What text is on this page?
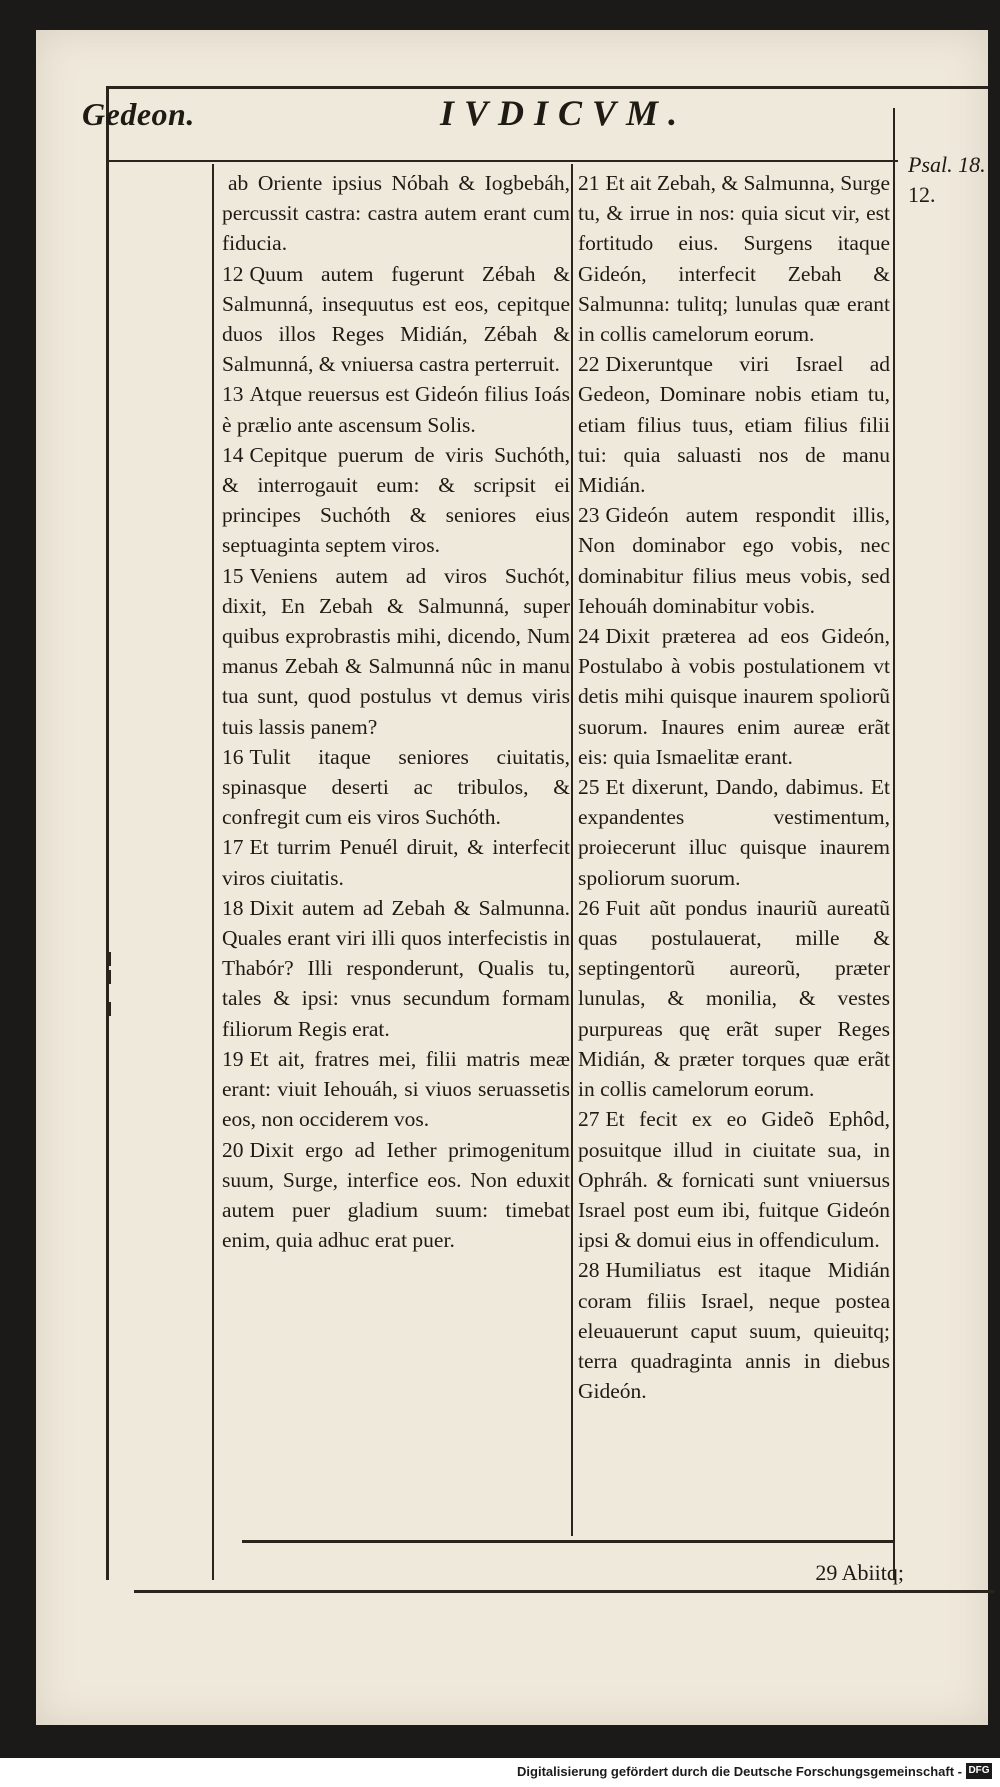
Gedeon.	IVDICVM.
Psal. 18.
12.

ab Oriente ipsius Nóbah & Iogbebáh, percussit castra: castra autem erant cum fiducia.

12 Quum autem fugerunt Zébah & Salmunná, insequutus est eos, cepitque duos illos Reges Midián, Zébah & Salmunná, & vniuersa castra perterruit.

13 Atque reuersus est Gideón filius Ioás è prælio ante ascensum Solis.

14 Cepitque puerum de viris Suchóth, & interrogauit eum: & scripsit ei principes Suchóth & seniores eius septuaginta septem viros.

15 Veniens autem ad viros Suchót, dixit, En Zebah & Salmunná, super quibus exprobrastis mihi, dicendo, Num manus Zebah & Salmunná nûc in manu tua sunt, quod postulus vt demus viris tuis lassis panem?

16 Tulit itaque seniores ciuitatis, spinasque deserti ac tribulos, & confregit cum eis viros Suchóth.

17 Et turrim Penuél diruit, & interfecit viros ciuitatis.

18 Dixit autem ad Zebah & Salmunna. Quales erant viri illi quos interfecistis in Thabór? Illi responderunt, Qualis tu, tales & ipsi: vnus secundum formam filiorum Regis erat.

19 Et ait, fratres mei, filii matris meæ erant: viuit Iehouáh, si viuos seruassetis eos, non occiderem vos.

20 Dixit ergo ad Iether primogenitum suum, Surge, interfice eos. Non eduxit autem puer gladium suum: timebat enim, quia adhuc erat puer.

21 Et ait Zebah, & Salmunna, Surge tu, & irrue in nos: quia sicut vir, est fortitudo eius. Surgens itaque Gideón, interfecit Zebah & Salmunna: tulitq; lunulas quæ erant in collis camelorum eorum.

22 Dixeruntque viri Israel ad Gedeon, Dominare nobis etiam tu, etiam filius tuus, etiam filius filii tui: quia saluasti nos de manu Midián.

23 Gideón autem respondit illis, Non dominabor ego vobis, nec dominabitur filius meus vobis, sed Iehouáh dominabitur vobis.

24 Dixit præterea ad eos Gideón, Postulabo à vobis postulationem vt detis mihi quisque inaurem spoliorũ suorum. Inaures enim aureæ erãt eis: quia Ismaelitæ erant.

25 Et dixerunt, Dando, dabimus. Et expandentes vestimentum, proiecerunt illuc quisque inaurem spoliorum suorum.

26 Fuit aũt pondus inauriũ aureatũ quas postulauerat, mille & septingentorũ aureorũ, præter lunulas, & monilia, & vestes purpureas quę erãt super Reges Midián, & præter torques quæ erãt in collis camelorum eorum.

27 Et fecit ex eo Gideõ Ephôd, posuitque illud in ciuitate sua, in Ophráh. & fornicati sunt vniuersus Israel post eum ibi, fuitque Gideón ipsi & domui eius in offendiculum.

28 Humiliatus est itaque Midián coram filiis Israel, neque postea eleuauerunt caput suum, quieuitq; terra quadraginta annis in diebus Gideón.

29 Abiitq;
Digitalisierung gefördert durch die Deutsche Forschungsgemeinschaft - DFG
